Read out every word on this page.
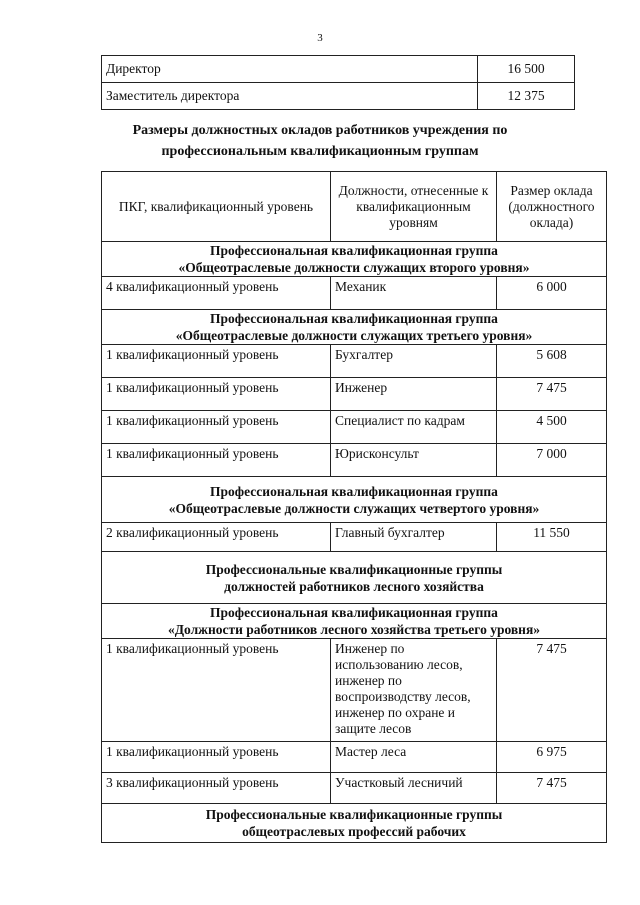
3
Директор	16 500
Заместитель директора	12 375
Размеры должностных окладов работников учреждения по
профессиональным квалификационным группам
ПКГ, квалификационный уровень	Должности, отнесенные к квалификационным уровням	Размер оклада (должностного оклада)

Профессиональная квалификационная группа
«Общеотраслевые должности служащих второго уровня»		

4 квалификационный уровень	Механик	6 000

Профессиональная квалификационная группа
«Общеотраслевые должности служащих третьего уровня»		

1 квалификационный уровень	Бухгалтер	5 608
1 квалификационный уровень	Инженер	7 475
1 квалификационный уровень	Специалист по кадрам	4 500
1 квалификационный уровень	Юрисконсульт	7 000

Профессиональная квалификационная группа
«Общеотраслевые должности служащих четвертого уровня»		

2 квалификационный уровень	Главный бухгалтер	11 550

Профессиональные квалификационные группы
должностей работников лесного хозяйства		

Профессиональная квалификационная группа
«Должности работников лесного хозяйства третьего уровня»		

1 квалификационный уровень	Инженер по использованию лесов, инженер по воспроизводству лесов, инженер по охране и защите лесов	7 475
1 квалификационный уровень	Мастер леса	6 975
3 квалификационный уровень	Участковый лесничий	7 475

Профессиональные квалификационные группы
общеотраслевых профессий рабочих		
